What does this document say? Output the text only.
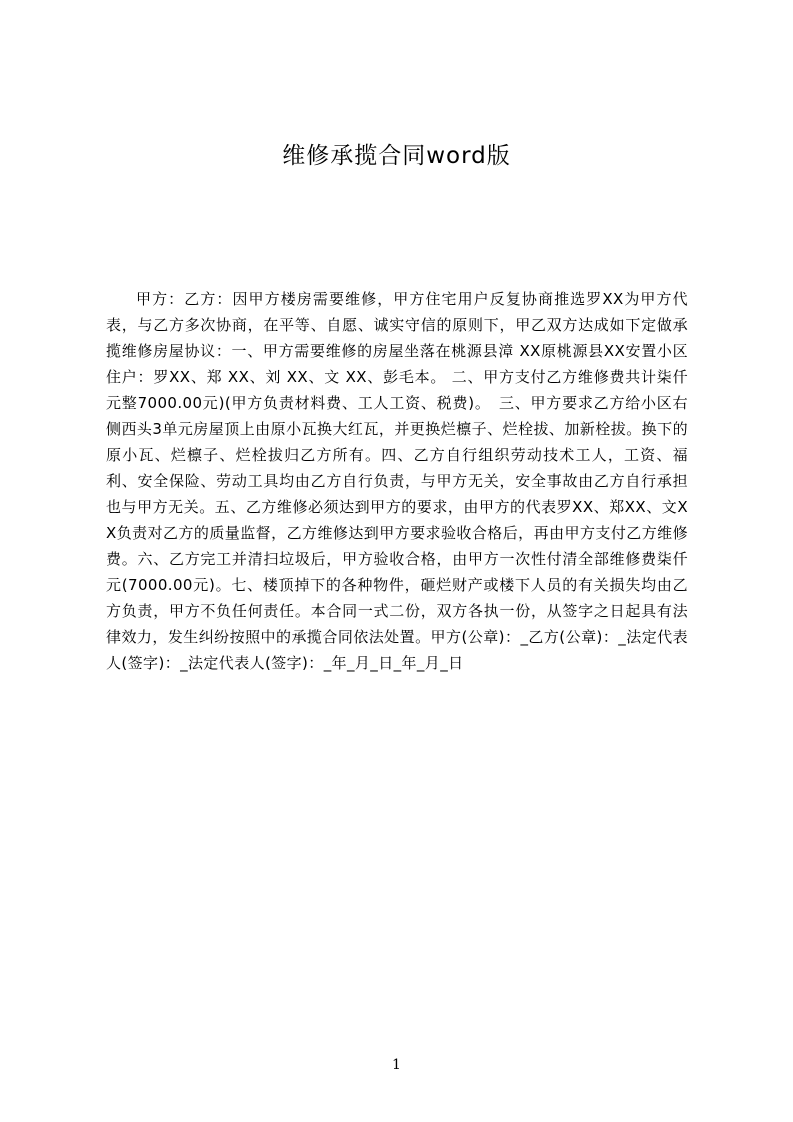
维修承揽合同word版

甲方：乙方：因甲方楼房需要维修，甲方住宅用户反复协商推选罗XX为甲方代表，与乙方多次协商，在平等、自愿、诚实守信的原则下，甲乙双方达成如下定做承揽维修房屋协议：一、甲方需要维修的房屋坐落在桃源县漳 XX原桃源县XX安置小区住户：罗XX、郑 XX、刘 XX、文 XX、彭毛本。 二、甲方支付乙方维修费共计柒仟元整7000.00元)(甲方负责材料费、工人工资、税费)。　三、甲方要求乙方给小区右侧西头3单元房屋顶上由原小瓦换大红瓦，并更换烂檩子、烂栓拔、加新栓拔。换下的原小瓦、烂檩子、烂栓拔归乙方所有。四、乙方自行组织劳动技术工人，工资、福利、安全保险、劳动工具均由乙方自行负责，与甲方无关，安全事故由乙方自行承担也与甲方无关。五、乙方维修必须达到甲方的要求，由甲方的代表罗XX、郑XX、文XX负责对乙方的质量监督，乙方维修达到甲方要求验收合格后，再由甲方支付乙方维修费。六、乙方完工并清扫垃圾后，甲方验收合格，由甲方一次性付清全部维修费柒仟元(7000.00元)。七、楼顶掉下的各种物件，砸烂财产或楼下人员的有关损失均由乙方负责，甲方不负任何责任。本合同一式二份，双方各执一份，从签字之日起具有法律效力，发生纠纷按照中的承揽合同依法处置。甲方(公章)：_乙方(公章)：_法定代表人(签字)：_法定代表人(签字)：_年_月_日_年_月_日

1
